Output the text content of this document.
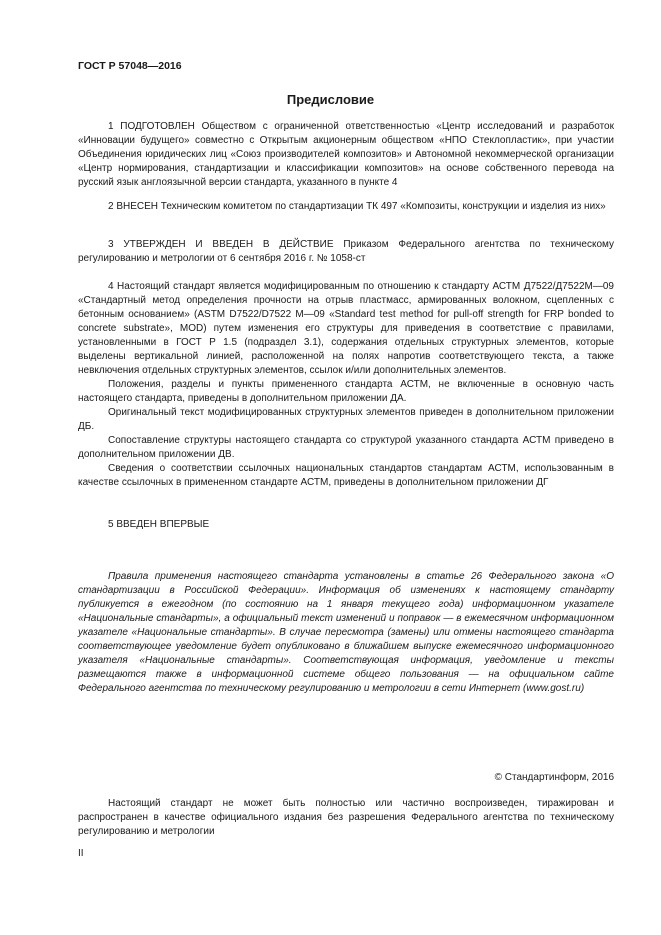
ГОСТ Р 57048—2016
Предисловие

1 ПОДГОТОВЛЕН Обществом с ограниченной ответственностью «Центр исследований и разработок «Инновации будущего» совместно с Открытым акционерным обществом «НПО Стеклопластик», при участии Объединения юридических лиц «Союз производителей композитов» и Автономной некоммерческой организации «Центр нормирования, стандартизации и классификации композитов» на основе собственного перевода на русский язык англоязычной версии стандарта, указанного в пункте 4

2 ВНЕСЕН Техническим комитетом по стандартизации ТК 497 «Композиты, конструкции и изделия из них»

3 УТВЕРЖДЕН И ВВЕДЕН В ДЕЙСТВИЕ Приказом Федерального агентства по техническому регулированию и метрологии от 6 сентября 2016 г. № 1058-ст

4 Настоящий стандарт является модифицированным по отношению к стандарту АСТМ Д7522/Д7522М—09 «Стандартный метод определения прочности на отрыв пластмасс, армированных волокном, сцепленных с бетонным основанием» (ASTM D7522/D7522 M—09 «Standard test method for pull-off strength for FRP bonded to concrete substrate», MOD) путем изменения его структуры для приведения в соответствие с правилами, установленными в ГОСТ Р 1.5 (подраздел 3.1), содержания отдельных структурных элементов, которые выделены вертикальной линией, расположенной на полях напротив соответствующего текста, а также невключения отдельных структурных элементов, ссылок и/или дополнительных элементов.

Положения, разделы и пункты примененного стандарта АСТМ, не включенные в основную часть настоящего стандарта, приведены в дополнительном приложении ДА.

Оригинальный текст модифицированных структурных элементов приведен в дополнительном приложении ДБ.

Сопоставление структуры настоящего стандарта со структурой указанного стандарта АСТМ приведено в дополнительном приложении ДВ.

Сведения о соответствии ссылочных национальных стандартов стандартам АСТМ, использованным в качестве ссылочных в примененном стандарте АСТМ, приведены в дополнительном приложении ДГ

5 ВВЕДЕН ВПЕРВЫЕ

Правила применения настоящего стандарта установлены в статье 26 Федерального закона «О стандартизации в Российской Федерации». Информация об изменениях к настоящему стандарту публикуется в ежегодном (по состоянию на 1 января текущего года) информационном указателе «Национальные стандарты», а официальный текст изменений и поправок — в ежемесячном информационном указателе «Национальные стандарты». В случае пересмотра (замены) или отмены настоящего стандарта соответствующее уведомление будет опубликовано в ближайшем выпуске ежемесячного информационного указателя «Национальные стандарты». Соответствующая информация, уведомление и тексты размещаются также в информационной системе общего пользования — на официальном сайте Федерального агентства по техническому регулированию и метрологии в сети Интернет (www.gost.ru)

© Стандартинформ, 2016

Настоящий стандарт не может быть полностью или частично воспроизведен, тиражирован и распространен в качестве официального издания без разрешения Федерального агентства по техническому регулированию и метрологии

II
